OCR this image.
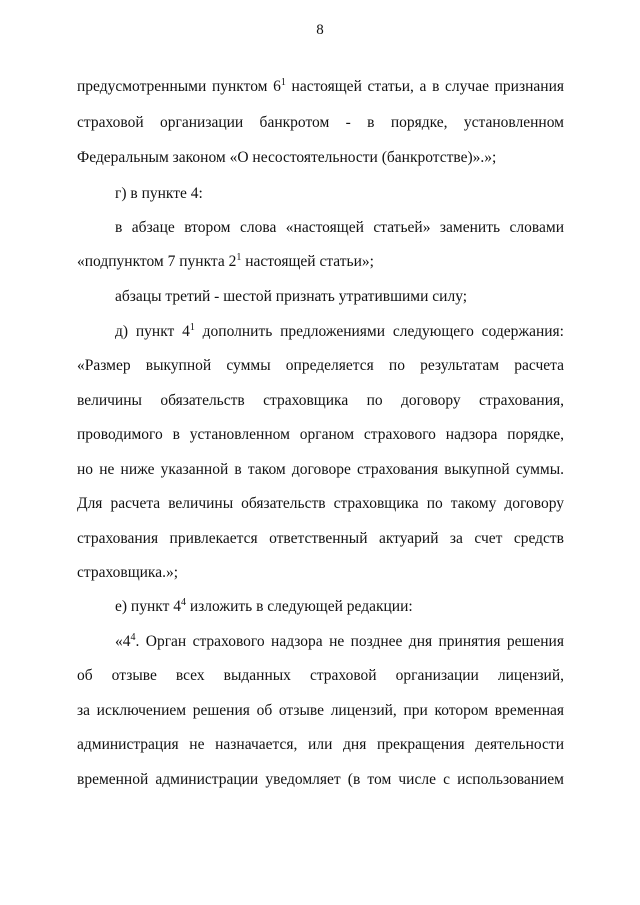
8
предусмотренными пунктом $6^1$ настоящей статьи, а в случае признания
страховой организации банкротом - в порядке, установленном
Федеральным законом «О несостоятельности (банкротстве)».»;
г) в пункте 4:
в абзаце втором слова «настоящей статьей» заменить словами
«подпунктом 7 пункта $2^1$ настоящей статьи»;
абзацы третий - шестой признать утратившими силу;
д) пункт $4^1$ дополнить предложениями следующего содержания:
«Размер выкупной суммы определяется по результатам расчета
величины обязательств страховщика по договору страхования,
проводимого в установленном органом страхового надзора порядке,
но не ниже указанной в таком договоре страхования выкупной суммы.
Для расчета величины обязательств страховщика по такому договору
страхования привлекается ответственный актуарий за счет средств
страховщика.»;
е) пункт $4^4$ изложить в следующей редакции:
«$4^4$. Орган страхового надзора не позднее дня принятия решения
об отзыве всех выданных страховой организации лицензий,
за исключением решения об отзыве лицензий, при котором временная
администрация не назначается, или дня прекращения деятельности
временной администрации уведомляет (в том числе с использованием
